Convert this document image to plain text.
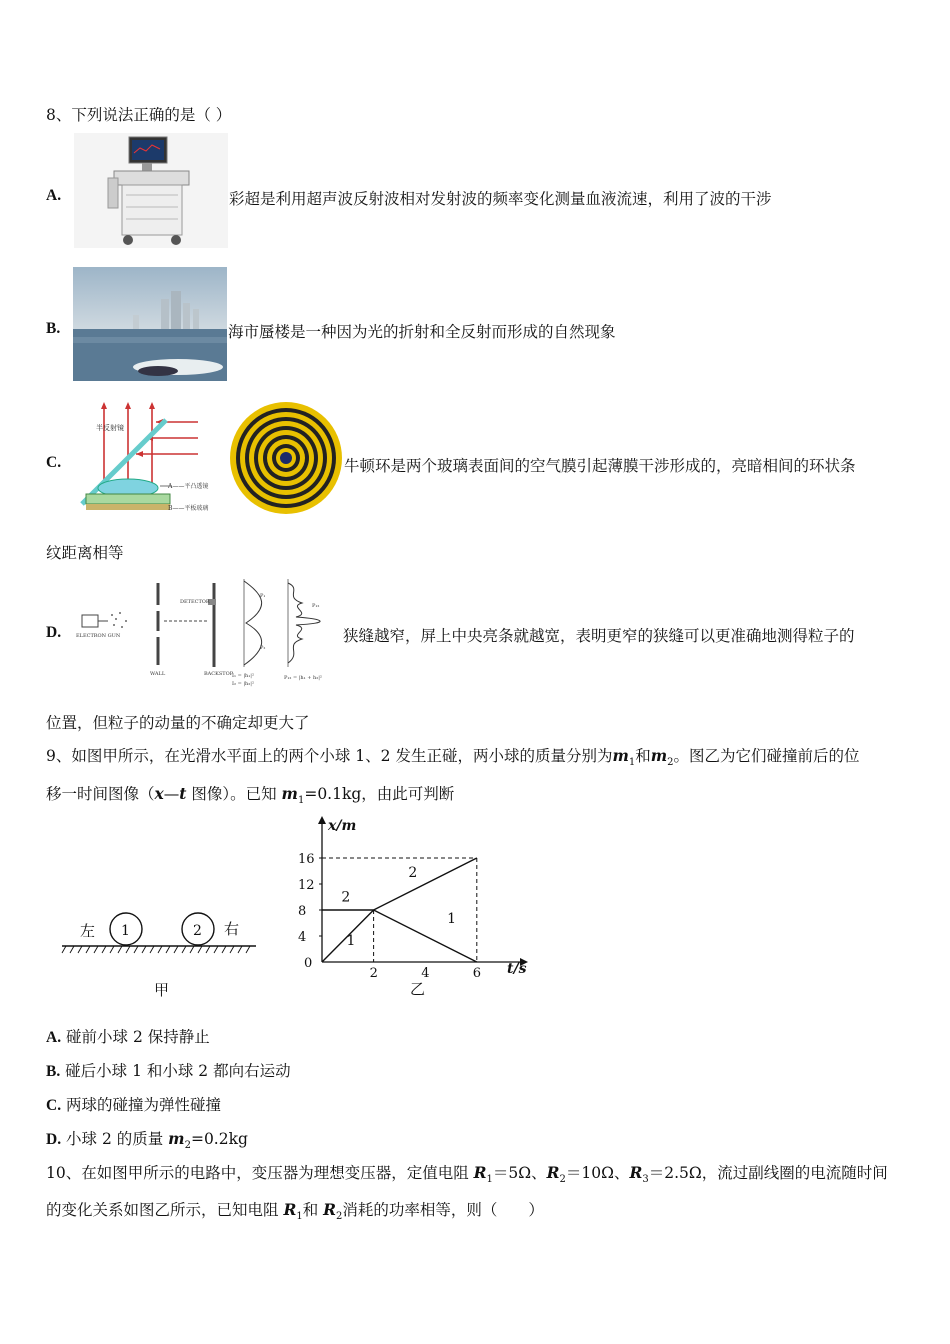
8、下列说法正确的是（ ）
A.	彩超是利用超声波反射波相对发射波的频率变化测量血液流速，利用了波的干涉
B.	海市蜃楼是一种因为光的折射和全反射而形成的自然现象
C.
半反射镜
A——平凸透镜
B——平板玻璃
牛顿环是两个玻璃表面间的空气膜引起薄膜干涉形成的，亮暗相间的环状条
纹距离相等
D.	ELECTRON GUN
WALL
DETECTOR
BACKSTOP
P₁
P₂
I₁ = |h₁|²
I₂ = |h₂|²
P₁₂
P₁₂ = |h₁ + h₂|²
狭缝越窄，屏上中央亮条就越宽，表明更窄的狭缝可以更准确地测得粒子的
位置，但粒子的动量的不确定却更大了
9、如图甲所示，在光滑水平面上的两个小球 1、2 发生正碰，两小球的质量分别为$m_1$和$m_2$。图乙为它们碰撞前后的位
移一时间图像（x—t 图像）。已知 $m_1=0.1kg$，由此可判断
左 1	2 右
甲
x/m
t/s
16
12
8
4
0
2	4	6
2
1
2
1
乙
A. 碰前小球 2 保持静止
B. 碰后小球 1 和小球 2 都向右运动
C. 两球的碰撞为弹性碰撞
D. 小球 2 的质量 $m_2=0.2kg$
10、在如图甲所示的电路中，变压器为理想变压器，定值电阻 $R_1=5\Omega$、$R_2=10\Omega$、$R_3=2.5\Omega$，流过副线圈的电流随时间
的变化关系如图乙所示，已知电阻 $R_1$和 $R_2$消耗的功率相等，则（　　）
